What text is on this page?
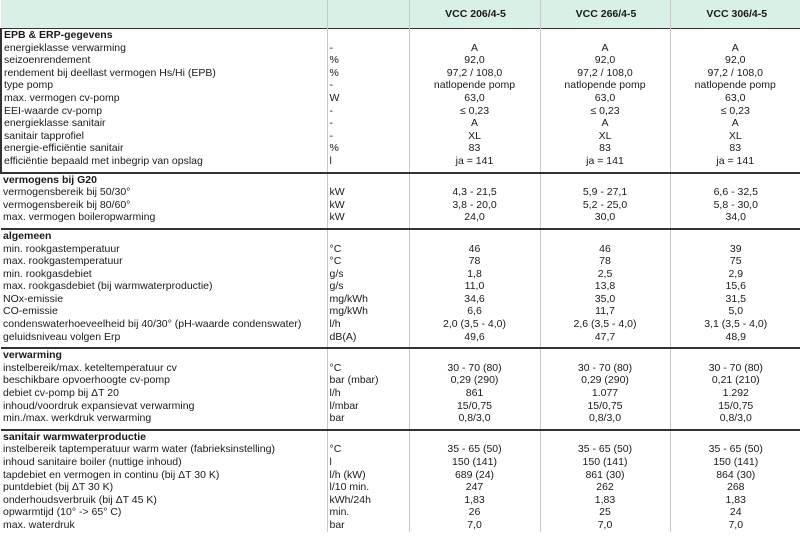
		VCC 206/4-5	VCC 266/4-5	VCC 306/4-5
EPB & ERP-gegevens				
energieklasse verwarming	-	A	A	A
seizoenrendement	%	92,0	92,0	92,0
rendement bij deellast vermogen Hs/Hi (EPB)	%	97,2 / 108,0	97,2 / 108,0	97,2 / 108,0
type pomp	-	natlopende pomp	natlopende pomp	natlopende pomp
max. vermogen cv-pomp	W	63,0	63,0	63,0
EEI-waarde cv-pomp	-	≤ 0,23	≤ 0,23	≤ 0,23
energieklasse sanitair	-	A	A	A
sanitair tapprofiel	-	XL	XL	XL
energie-efficiëntie sanitair	%	83	83	83
efficiëntie bepaald met inbegrip van opslag	l	ja = 141	ja = 141	ja = 141

vermogens bij G20				
vermogensbereik bij 50/30°	kW	4,3 - 21,5	5,9 - 27,1	6,6 - 32,5
vermogensbereik bij 80/60°	kW	3,8 - 20,0	5,2 - 25,0	5,8 - 30,0
max. vermogen boileropwarming	kW	24,0	30,0	34,0

algemeen				
min. rookgastemperatuur	°C	46	46	39
max. rookgastemperatuur	°C	78	78	75
min. rookgasdebiet	g/s	1,8	2,5	2,9
max. rookgasdebiet (bij warmwaterproductie)	g/s	11,0	13,8	15,6
NOx-emissie	mg/kWh	34,6	35,0	31,5
CO-emissie	mg/kWh	6,6	11,7	5,0
condenswaterhoeveelheid bij 40/30° (pH-waarde condenswater)	l/h	2,0 (3,5 - 4,0)	2,6 (3,5 - 4,0)	3,1 (3,5 - 4,0)
geluidsniveau volgen Erp	dB(A)	49,6	47,7	48,9

verwarming				
instelbereik/max. keteltemperatuur cv	°C	30 - 70 (80)	30 - 70 (80)	30 - 70 (80)
beschikbare opvoerhoogte cv-pomp	bar (mbar)	0,29 (290)	0,29 (290)	0,21 (210)
debiet cv-pomp bij ΔT 20	l/h	861	1.077	1.292
inhoud/voordruk expansievat verwarming	l/mbar	15/0,75	15/0,75	15/0,75
min./max. werkdruk verwarming	bar	0,8/3,0	0,8/3,0	0,8/3,0

sanitair warmwaterproductie				
instelbereik taptemperatuur warm water (fabrieksinstelling)	°C	35 - 65 (50)	35 - 65 (50)	35 - 65 (50)
inhoud sanitaire boiler (nuttige inhoud)	l	150 (141)	150 (141)	150 (141)
tapdebiet en vermogen in continu (bij ΔT 30 K)	l/h (kW)	689 (24)	861 (30)	864 (30)
puntdebiet (bij ΔT 30 K)	l/10 min.	247	262	268
onderhoudsverbruik (bij ΔT 45 K)	kWh/24h	1,83	1,83	1,83
opwarmtijd (10° -> 65° C)	min.	26	25	24
max. waterdruk	bar	7,0	7,0	7,0
